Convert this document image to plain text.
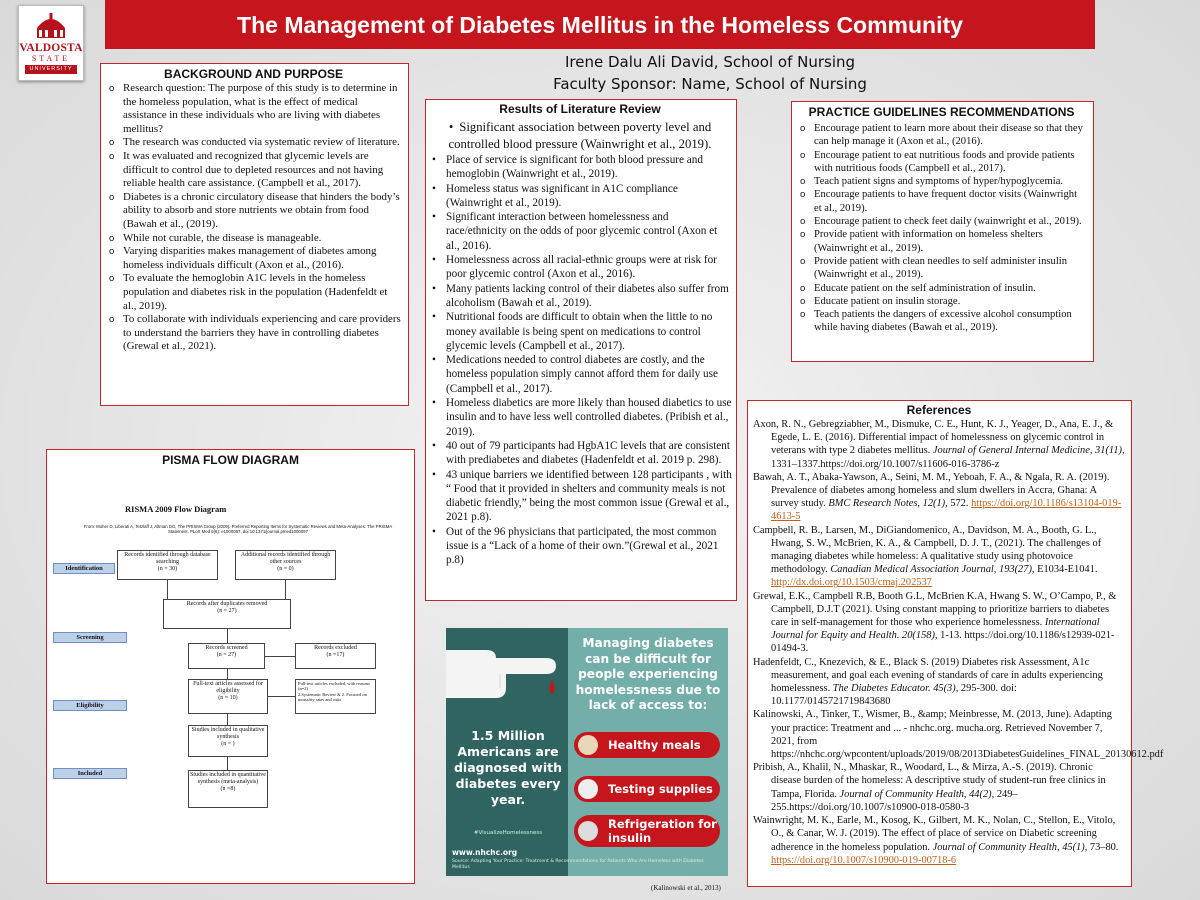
VALDOSTA
STATE
UNIVERSITY
The Management of Diabetes Mellitus in the Homeless Community
Irene Dalu Ali David, School of Nursing
Faculty Sponsor: Name, School of Nursing
BACKGROUND AND PURPOSE
o Research question: The purpose of this study is to determine in the homeless population, what is the effect of medical assistance in these individuals who are living with diabetes mellitus?
o The research was conducted via systematic review of literature.
o It was evaluated and recognized that glycemic levels are difficult to control due to depleted resources and not having reliable health care assistance. (Campbell et al., 2017).
o Diabetes is a chronic circulatory disease that hinders the body’s ability to absorb and store nutrients we obtain from food (Bawah et al., (2019).
o While not curable, the disease is manageable.
o Varying disparities makes management of diabetes among homeless individuals difficult (Axon et al., (2016).
o To evaluate the hemoglobin A1C levels in the homeless population and diabetes risk in the population (Hadenfeldt et al., 2019).
o To collaborate with individuals experiencing and care providers to understand the barriers they have in controlling diabetes (Grewal et al., 2021).
Results of Literature Review
• Significant association between poverty level and controlled blood pressure (Wainwright et al., 2019).
• Place of service is significant for both blood pressure and hemoglobin (Wainwright et al., 2019).
• Homeless status was significant in A1C compliance (Wainwright et al., 2019).
• Significant interaction between homelessness and race/ethnicity on the odds of poor glycemic control (Axon et al., 2016).
• Homelessness across all racial-ethnic groups were at risk for poor glycemic control (Axon et al., 2016).
• Many patients lacking control of their diabetes also suffer from alcoholism (Bawah et al., 2019).
• Nutritional foods are difficult to obtain when the little to no money available is being spent on medications to control glycemic levels (Campbell et al., 2017).
• Medications needed to control diabetes are costly, and the homeless population simply cannot afford them for daily use (Campbell et al., 2017).
• Homeless diabetics are more likely than housed diabetics to use insulin and to have less well controlled diabetes. (Pribish et al., 2019).
• 40 out of 79 participants had HgbA1C levels that are consistent with prediabetes and diabetes (Hadenfeldt et al. 2019 p. 298).
• 43 unique barriers we identified between 128 participants , with “ Food that it provided in shelters and community meals is not diabetic friendly,” being the most common issue (Grewal et al., 2021 p.8).
• Out of the 96 physicians that participated, the most common issue is a “Lack of a home of their own.”(Grewal et al., 2021 p.8)
PRACTICE GUIDELINES RECOMMENDATIONS
o Encourage patient to learn more about their disease so that they can help manage it (Axon et al., (2016).
o Encourage patient to eat nutritious foods and provide patients with nutritious foods (Campbell et al., 2017).
o Teach patient signs and symptoms of hyper/hypoglycemia.
o Encourage patients to have frequent doctor visits (Wainwright et al., 2019).
o Encourage patient to check feet daily (wainwright et al., 2019).
o Provide patient with information on homeless shelters (Wainwright et al., 2019).
o Provide patient with clean needles to self administer insulin (Wainwright et al., 2019).
o Educate patient on the self administration of insulin.
o Educate patient on insulin storage.
o Teach patients the dangers of excessive alcohol consumption while having diabetes (Bawah et al., 2019).
References
Axon, R. N., Gebregziabher, M., Dismuke, C. E., Hunt, K. J., Yeager, D., Ana, E. J., & Egede, L. E. (2016). Differential impact of homelessness on glycemic control in veterans with type 2 diabetes mellitus. Journal of General Internal Medicine, 31(11), 1331–1337.https://doi.org/10.1007/s11606-016-3786-z
Bawah, A. T., Abaka-Yawson, A., Seini, M. M., Yeboah, F. A., & Ngala, R. A. (2019). Prevalence of diabetes among homeless and slum dwellers in Accra, Ghana: A survey study. BMC Research Notes, 12(1), 572. https://doi.org/10.1186/s13104-019-4613-5
Campbell, R. B., Larsen, M., DiGiandomenico, A., Davidson, M. A., Booth, G. L., Hwang, S. W., McBrien, K. A., & Campbell, D. J. T., (2021). The challenges of managing diabetes while homeless: A qualitative study using photovoice methodology. Canadian Medical Association Journal, 193(27), E1034-E1041. http://dx.doi.org/10.1503/cmaj.202537
Grewal, E.K., Campbell R.B, Booth G.L, McBrien K.A, Hwang S. W., O’Campo, P., & Campbell, D.J.T (2021). Using constant mapping to prioritize barriers to diabetes care in self-management for those who experience homelessness. International Journal for Equity and Health. 20(158), 1-13. https://doi.org/10.1186/s12939-021-01494-3.
Hadenfeldt, C., Knezevich, & E., Black S. (2019) Diabetes risk Assessment, A1c measurement, and goal each evening of standards of care in adults experiencing homelessness. The Diabetes Educator. 45(3), 295-300. doi: 10.1177/0145721719843680
Kalinowski, A., Tinker, T., Wismer, B., &amp; Meinbresse, M. (2013, June). Adapting your practice: Treatment and ... - nhchc.org. mucha.org. Retrieved November 7, 2021, from https://nhchc.org/wpcontent/uploads/2019/08/2013DiabetesGuidelines_FINAL_20130612.pdf
Pribish, A., Khalil, N., Mhaskar, R., Woodard, L., & Mirza, A.-S. (2019). Chronic disease burden of the homeless: A descriptive study of student-run free clinics in Tampa, Florida. Journal of Community Health, 44(2), 249–255.https://doi.org/10.1007/s10900-018-0580-3
Wainwright, M. K., Earle, M., Kosog, K., Gilbert, M. K., Nolan, C., Stellon, E., Vitolo, O., & Canar, W. J. (2019). The effect of place of service on Diabetic screening adherence in the homeless population. Journal of Community Health, 45(1), 73–80. https://doi.org/10.1007/s10900-019-00718-6
PISMA FLOW DIAGRAM
RISMA 2009 Flow Diagram
From: Moher D, Liberati A, Tetzlaff J, Altman DG, The PRISMA Group (2009). Preferred Reporting Items for Systematic Reviews and Meta-Analyses: The PRISMA Statement. PLoS Med 6(6): e1000097. doi:10.1371/journal.pmed1000097
Identification
Screening
Eligibility
Included
Records identified through database searching
(n = 30)
Additional records identified through other sources
(n = 0)
Records after duplicates removed
(n = 27)
Records screened
(n = 27)
Records excluded
(n =17)
Full-text articles assessed for eligibility
(n = 10)
Full-text articles excluded, with reasons
(n=2)
2.Systematic Review & 2. Focused on mortality rates and risks
Studies included in qualitative synthesis
(n = )
Studies included in quantitative synthesis (meta-analysis)
(n =8)
1.5 Million Americans are diagnosed with diabetes every year.
#VisualizeHomelessness
www.nhchc.org
Source: Adapting Your Practice: Treatment & Recommendations for Patients Who Are Homeless with Diabetes Mellitus
Managing diabetes can be difficult for people experiencing homelessness due to lack of access to:
Healthy meals
Testing supplies
Refrigeration for insulin
(Kalinowski et al., 2013)
